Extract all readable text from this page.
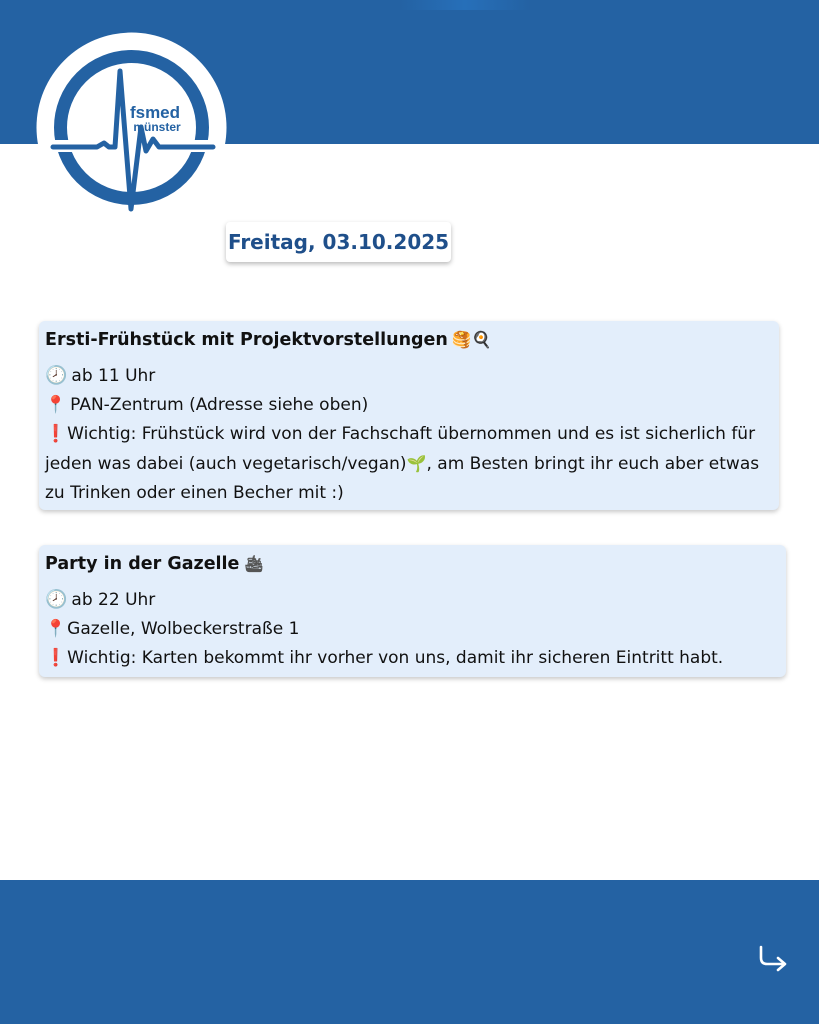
fsmed
münster
Freitag, 03.10.2025
Ersti-Frühstück mit Projektvorstellungen 🥞🍳
🕗 ab 11 Uhr
📍 PAN-Zentrum (Adresse siehe oben)
❗Wichtig: Frühstück wird von der Fachschaft übernommen und es ist sicherlich für jeden was dabei (auch vegetarisch/vegan)🌱, am Besten bringt ihr euch aber etwas zu Trinken oder einen Becher mit :)
Party in der Gazelle 🛳
🕗 ab 22 Uhr
📍Gazelle, Wolbeckerstraße 1
❗Wichtig: Karten bekommt ihr vorher von uns, damit ihr sicheren Eintritt habt.
